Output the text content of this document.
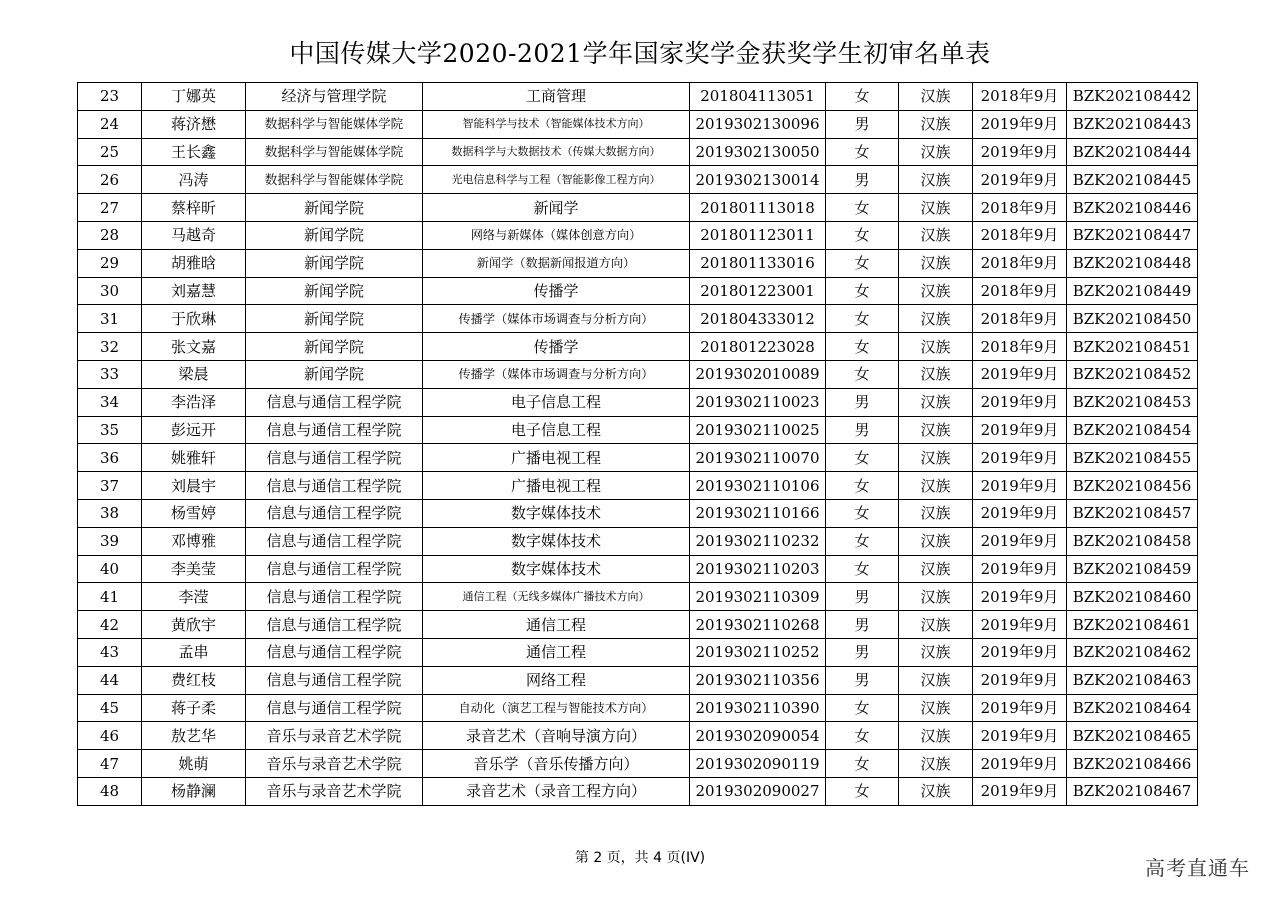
中国传媒大学2020-2021学年国家奖学金获奖学生初审名单表
23	丁娜英	经济与管理学院	工商管理	201804113051	女	汉族	2018年9月	BZK202108442
24	蒋济懋	数据科学与智能媒体学院	智能科学与技术（智能媒体技术方向）	2019302130096	男	汉族	2019年9月	BZK202108443
25	王长鑫	数据科学与智能媒体学院	数据科学与大数据技术（传媒大数据方向）	2019302130050	女	汉族	2019年9月	BZK202108444
26	冯涛	数据科学与智能媒体学院	光电信息科学与工程（智能影像工程方向）	2019302130014	男	汉族	2019年9月	BZK202108445
27	蔡梓昕	新闻学院	新闻学	201801113018	女	汉族	2018年9月	BZK202108446
28	马越奇	新闻学院	网络与新媒体（媒体创意方向）	201801123011	女	汉族	2018年9月	BZK202108447
29	胡雅晗	新闻学院	新闻学（数据新闻报道方向）	201801133016	女	汉族	2018年9月	BZK202108448
30	刘嘉慧	新闻学院	传播学	201801223001	女	汉族	2018年9月	BZK202108449
31	于欣琳	新闻学院	传播学（媒体市场调查与分析方向）	201804333012	女	汉族	2018年9月	BZK202108450
32	张文嘉	新闻学院	传播学	201801223028	女	汉族	2018年9月	BZK202108451
33	梁晨	新闻学院	传播学（媒体市场调查与分析方向）	2019302010089	女	汉族	2019年9月	BZK202108452
34	李浩泽	信息与通信工程学院	电子信息工程	2019302110023	男	汉族	2019年9月	BZK202108453
35	彭远开	信息与通信工程学院	电子信息工程	2019302110025	男	汉族	2019年9月	BZK202108454
36	姚雅轩	信息与通信工程学院	广播电视工程	2019302110070	女	汉族	2019年9月	BZK202108455
37	刘晨宇	信息与通信工程学院	广播电视工程	2019302110106	女	汉族	2019年9月	BZK202108456
38	杨雪婷	信息与通信工程学院	数字媒体技术	2019302110166	女	汉族	2019年9月	BZK202108457
39	邓博雅	信息与通信工程学院	数字媒体技术	2019302110232	女	汉族	2019年9月	BZK202108458
40	李美莹	信息与通信工程学院	数字媒体技术	2019302110203	女	汉族	2019年9月	BZK202108459
41	李滢	信息与通信工程学院	通信工程（无线多媒体广播技术方向）	2019302110309	男	汉族	2019年9月	BZK202108460
42	黄欣宇	信息与通信工程学院	通信工程	2019302110268	男	汉族	2019年9月	BZK202108461
43	孟串	信息与通信工程学院	通信工程	2019302110252	男	汉族	2019年9月	BZK202108462
44	费红枝	信息与通信工程学院	网络工程	2019302110356	男	汉族	2019年9月	BZK202108463
45	蒋子柔	信息与通信工程学院	自动化（演艺工程与智能技术方向）	2019302110390	女	汉族	2019年9月	BZK202108464
46	敖艺华	音乐与录音艺术学院	录音艺术（音响导演方向）	2019302090054	女	汉族	2019年9月	BZK202108465
47	姚萌	音乐与录音艺术学院	音乐学（音乐传播方向）	2019302090119	女	汉族	2019年9月	BZK202108466
48	杨静澜	音乐与录音艺术学院	录音艺术（录音工程方向）	2019302090027	女	汉族	2019年9月	BZK202108467
第 2 页，共 4 页(IV)	高考直通车
